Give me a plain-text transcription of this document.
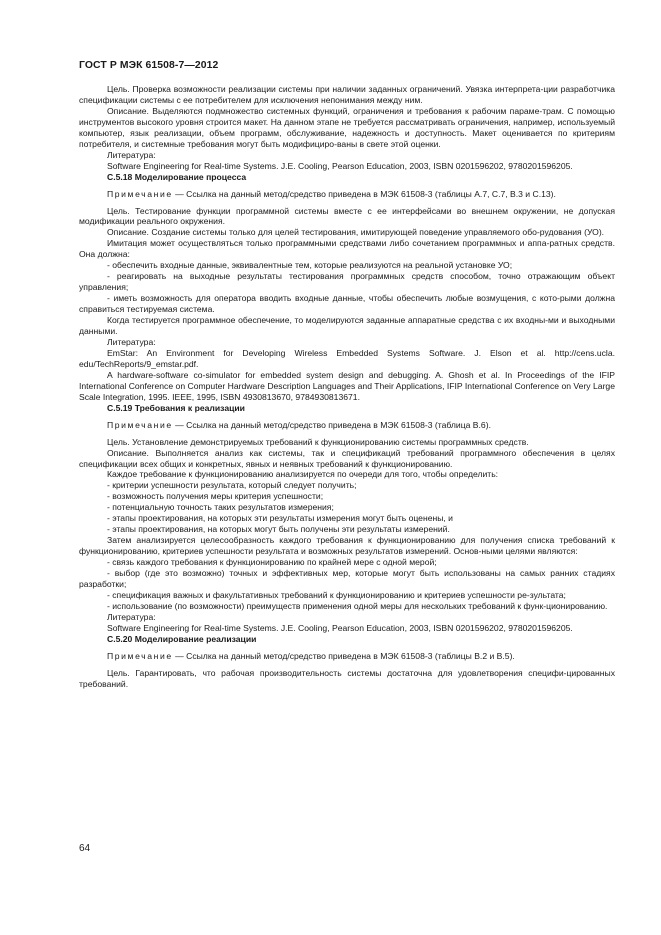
ГОСТ Р МЭК 61508-7—2012

Цель. Проверка возможности реализации системы при наличии заданных ограничений. Увязка интерпрета-ции разработчика спецификации системы с ее потребителем для исключения непонимания между ним.

Описание. Выделяются подмножество системных функций, ограничения и требования к рабочим параме-трам. С помощью инструментов высокого уровня строится макет. На данном этапе не требуется рассматривать ограничения, например, используемый компьютер, язык реализации, объем программ, обслуживание, надежность и доступность. Макет оценивается по критериям потребителя, и системные требования могут быть модифициро-ваны в свете этой оценки.

Литература:

Software Engineering for Real-time Systems. J.E. Cooling, Pearson Education, 2003, ISBN 0201596202, 9780201596205.

С.5.18 Моделирование процесса

Примечание — Ссылка на данный метод/средство приведена в МЭК 61508-3 (таблицы А.7, С.7, В.3 и С.13).

Цель. Тестирование функции программной системы вместе с ее интерфейсами во внешнем окружении, не допуская модификации реального окружения.

Описание. Создание системы только для целей тестирования, имитирующей поведение управляемого обо-рудования (УО).

Имитация может осуществляться только программными средствами либо сочетанием программных и аппа-ратных средств. Она должна:

- обеспечить входные данные, эквивалентные тем, которые реализуются на реальной установке УО;

- реагировать на выходные результаты тестирования программных средств способом, точно отражающим объект управления;

- иметь возможность для оператора вводить входные данные, чтобы обеспечить любые возмущения, с кото-рыми должна справиться тестируемая система.

Когда тестируется программное обеспечение, то моделируются заданные аппаратные средства с их входны-ми и выходными данными.

Литература:

EmStar: An Environment for Developing Wireless Embedded Systems Software. J. Elson et al. http://cens.ucla. edu/TechReports/9_emstar.pdf.

A hardware-software co-simulator for embedded system design and debugging. A. Ghosh et al. In Proceedings of the IFIP International Conference on Computer Hardware Description Languages and Their Applications, IFIP International Conference on Very Large Scale Integration, 1995. IEEE, 1995, ISBN 4930813670, 9784930813671.

С.5.19 Требования к реализации

Примечание — Ссылка на данный метод/средство приведена в МЭК 61508-3 (таблица В.6).

Цель. Установление демонстрируемых требований к функционированию системы программных средств.

Описание. Выполняется анализ как системы, так и спецификаций требований программного обеспечения в целях спецификации всех общих и конкретных, явных и неявных требований к функционированию.

Каждое требование к функционированию анализируется по очереди для того, чтобы определить:

- критерии успешности результата, который следует получить;

- возможность получения меры критерия успешности;

- потенциальную точность таких результатов измерения;

- этапы проектирования, на которых эти результаты измерения могут быть оценены, и

- этапы проектирования, на которых могут быть получены эти результаты измерений.

Затем анализируется целесообразность каждого требования к функционированию для получения списка требований к функционированию, критериев успешности результата и возможных результатов измерений. Основ-ными целями являются:

- связь каждого требования к функционированию по крайней мере с одной мерой;

- выбор (где это возможно) точных и эффективных мер, которые могут быть использованы на самых ранних стадиях разработки;

- спецификация важных и факультативных требований к функционированию и критериев успешности ре-зультата;

- использование (по возможности) преимуществ применения одной меры для нескольких требований к функ-ционированию.

Литература:

Software Engineering for Real-time Systems. J.E. Cooling, Pearson Education, 2003, ISBN 0201596202, 9780201596205.

С.5.20 Моделирование реализации

Примечание — Ссылка на данный метод/средство приведена в МЭК 61508-3 (таблицы В.2 и В.5).

Цель. Гарантировать, что рабочая производительность системы достаточна для удовлетворения специфи-цированных требований.

64
